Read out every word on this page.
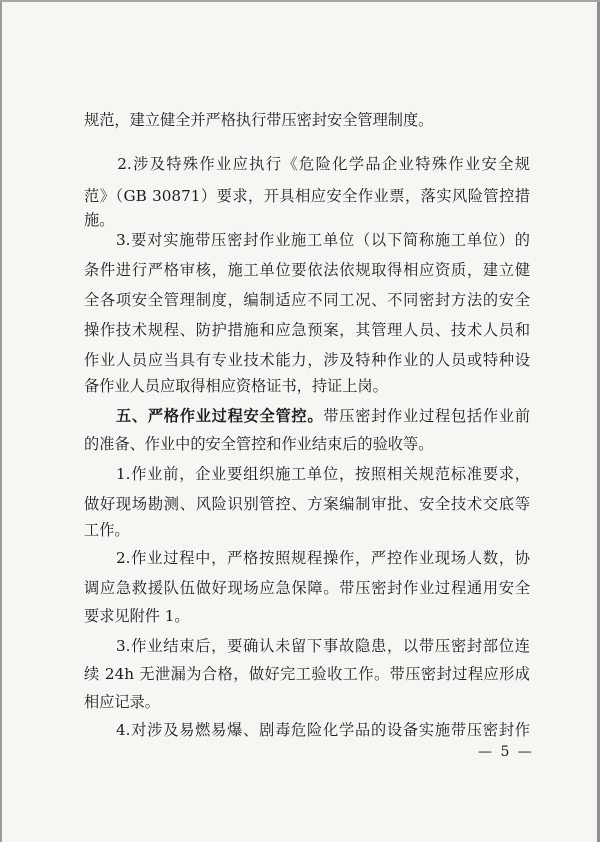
规范，建立健全并严格执行带压密封安全管理制度。
　　2.涉及特殊作业应执行《危险化学品企业特殊作业安全规
范》（GB 30871）要求，开具相应安全作业票，落实风险管控措
施。
　　3.要对实施带压密封作业施工单位（以下简称施工单位）的
条件进行严格审核，施工单位要依法依规取得相应资质，建立健
全各项安全管理制度，编制适应不同工况、不同密封方法的安全
操作技术规程、防护措施和应急预案，其管理人员、技术人员和
作业人员应当具有专业技术能力，涉及特种作业的人员或特种设
备作业人员应取得相应资格证书，持证上岗。
　　五、严格作业过程安全管控。带压密封作业过程包括作业前
的准备、作业中的安全管控和作业结束后的验收等。
　　1.作业前，企业要组织施工单位，按照相关规范标准要求，
做好现场勘测、风险识别管控、方案编制审批、安全技术交底等
工作。
　　2.作业过程中，严格按照规程操作，严控作业现场人数，协
调应急救援队伍做好现场应急保障。带压密封作业过程通用安全
要求见附件 1。
　　3.作业结束后，要确认未留下事故隐患，以带压密封部位连
续 24h 无泄漏为合格，做好完工验收工作。带压密封过程应形成
相应记录。
　　4.对涉及易燃易爆、剧毒危险化学品的设备实施带压密封作
— 5 —
